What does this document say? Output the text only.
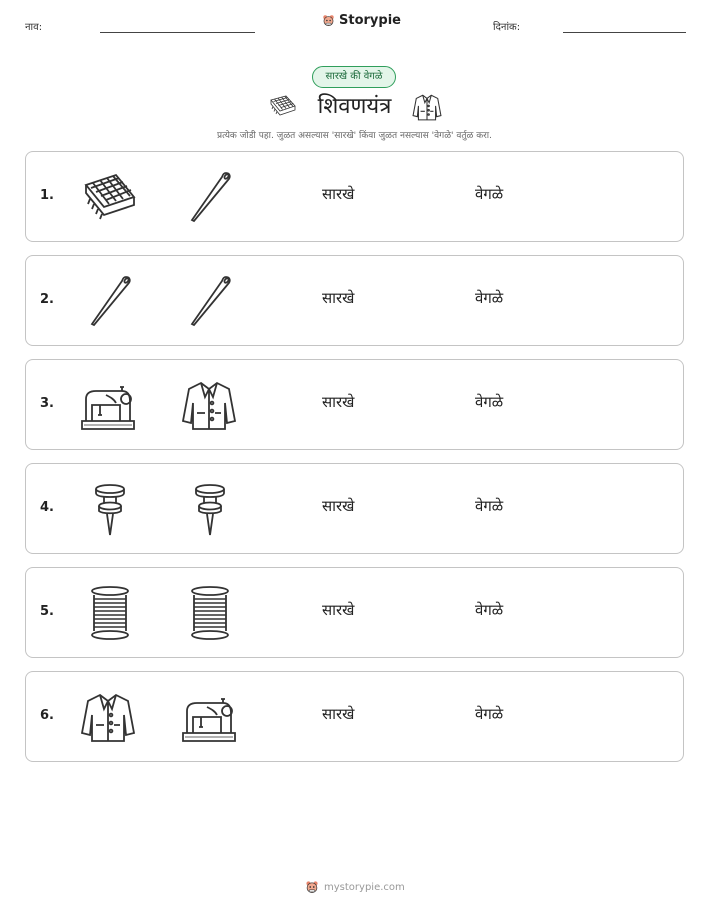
नाव:	Storypie	दिनांक:
सारखे की वेगळे
शिवणयंत्र
प्रत्येक जोडी पहा. जुळत असल्यास 'सारखे' किंवा जुळत नसल्यास 'वेगळे' वर्तुळ करा.
1.	सारखे	वेगळे
2.	सारखे	वेगळे
3.	सारखे	वेगळे
4.	सारखे	वेगळे
5.	सारखे	वेगळे
6.	सारखे	वेगळे
mystorypie.com
